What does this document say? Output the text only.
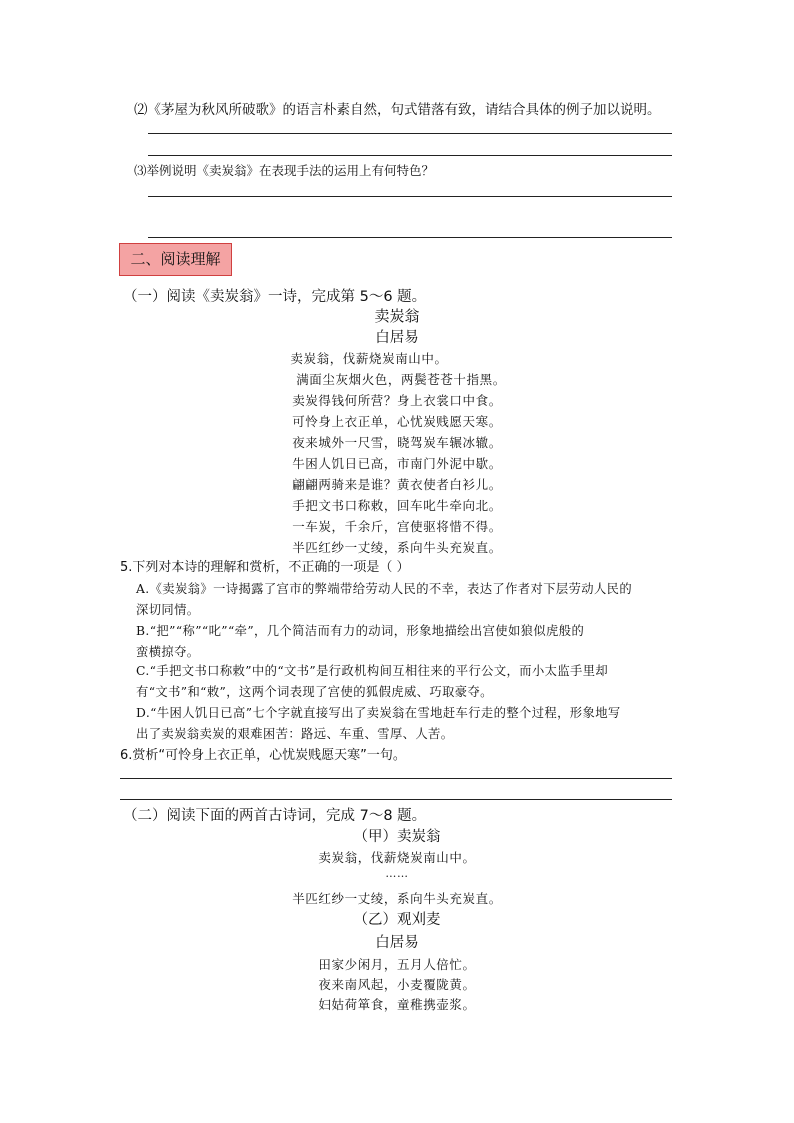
⑵《茅屋为秋风所破歌》的语言朴素自然，句式错落有致，请结合具体的例子加以说明。
⑶举例说明《卖炭翁》在表现手法的运用上有何特色？
二、阅读理解
（一）阅读《卖炭翁》一诗，完成第 5～6 题。
卖炭翁
白居易
卖炭翁，伐薪烧炭南山中。
满面尘灰烟火色，两鬓苍苍十指黑。
卖炭得钱何所营？身上衣裳口中食。
可怜身上衣正单，心忧炭贱愿天寒。
夜来城外一尺雪，晓驾炭车辗冰辙。
牛困人饥日已高，市南门外泥中歇。
翩翩两骑来是谁？黄衣使者白衫儿。
手把文书口称敕，回车叱牛牵向北。
一车炭，千余斤，宫使驱将惜不得。
半匹红纱一丈绫，系向牛头充炭直。
5.下列对本诗的理解和赏析，不正确的一项是（ ）
A.《卖炭翁》一诗揭露了宫市的弊端带给劳动人民的不幸，表达了作者对下层劳动人民的
深切同情。
B.“把”“称”“叱”“牵”，几个简洁而有力的动词，形象地描绘出宫使如狼似虎般的
蛮横掠夺。
C.“手把文书口称敕”中的“文书”是行政机构间互相往来的平行公文，而小太监手里却
有“文书”和“敕”，这两个词表现了宫使的狐假虎威、巧取豪夺。
D.“牛困人饥日已高”七个字就直接写出了卖炭翁在雪地赶车行走的整个过程，形象地写
出了卖炭翁卖炭的艰难困苦：路远、车重、雪厚、人苦。
6.赏析“可怜身上衣正单，心忧炭贱愿天寒”一句。
（二）阅读下面的两首古诗词，完成 7～8 题。
（甲）卖炭翁
卖炭翁，伐薪烧炭南山中。
……
半匹红纱一丈绫，系向牛头充炭直。
（乙）观刈麦
白居易
田家少闲月，五月人倍忙。
夜来南风起，小麦覆陇黄。
妇姑荷箪食，童稚携壶浆。
